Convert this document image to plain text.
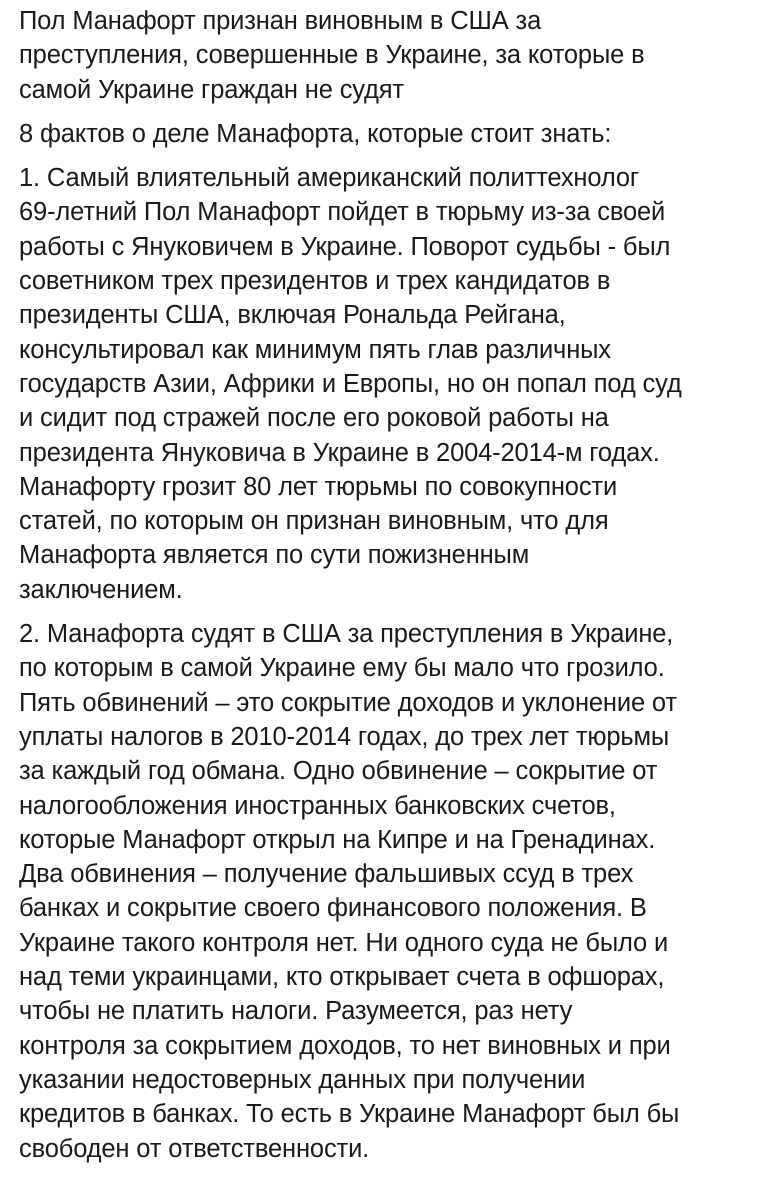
Пол Манафорт признан виновным в США за
преступления, совершенные в Украине, за которые в
самой Украине граждан не судят

8 фактов о деле Манафорта, которые стоит знать:

1. Самый влиятельный американский политтехнолог
69-летний Пол Манафорт пойдет в тюрьму из-за своей
работы с Януковичем в Украине. Поворот судьбы - был
советником трех президентов и трех кандидатов в
президенты США, включая Рональда Рейгана,
консультировал как минимум пять глав различных
государств Азии, Африки и Европы, но он попал под суд
и сидит под стражей после его роковой работы на
президента Януковича в Украине в 2004-2014-м годах.
Манафорту грозит 80 лет тюрьмы по совокупности
статей, по которым он признан виновным, что для
Манафорта является по сути пожизненным
заключением.

2. Манафорта судят в США за преступления в Украине,
по которым в самой Украине ему бы мало что грозило.
Пять обвинений – это сокрытие доходов и уклонение от
уплаты налогов в 2010-2014 годах, до трех лет тюрьмы
за каждый год обмана. Одно обвинение – сокрытие от
налогообложения иностранных банковских счетов,
которые Манафорт открыл на Кипре и на Гренадинах.
Два обвинения – получение фальшивых ссуд в трех
банках и сокрытие своего финансового положения. В
Украине такого контроля нет. Ни одного суда не было и
над теми украинцами, кто открывает счета в офшорах,
чтобы не платить налоги. Разумеется, раз нету
контроля за сокрытием доходов, то нет виновных и при
указании недостоверных данных при получении
кредитов в банках. То есть в Украине Манафорт был бы
свободен от ответственности.
